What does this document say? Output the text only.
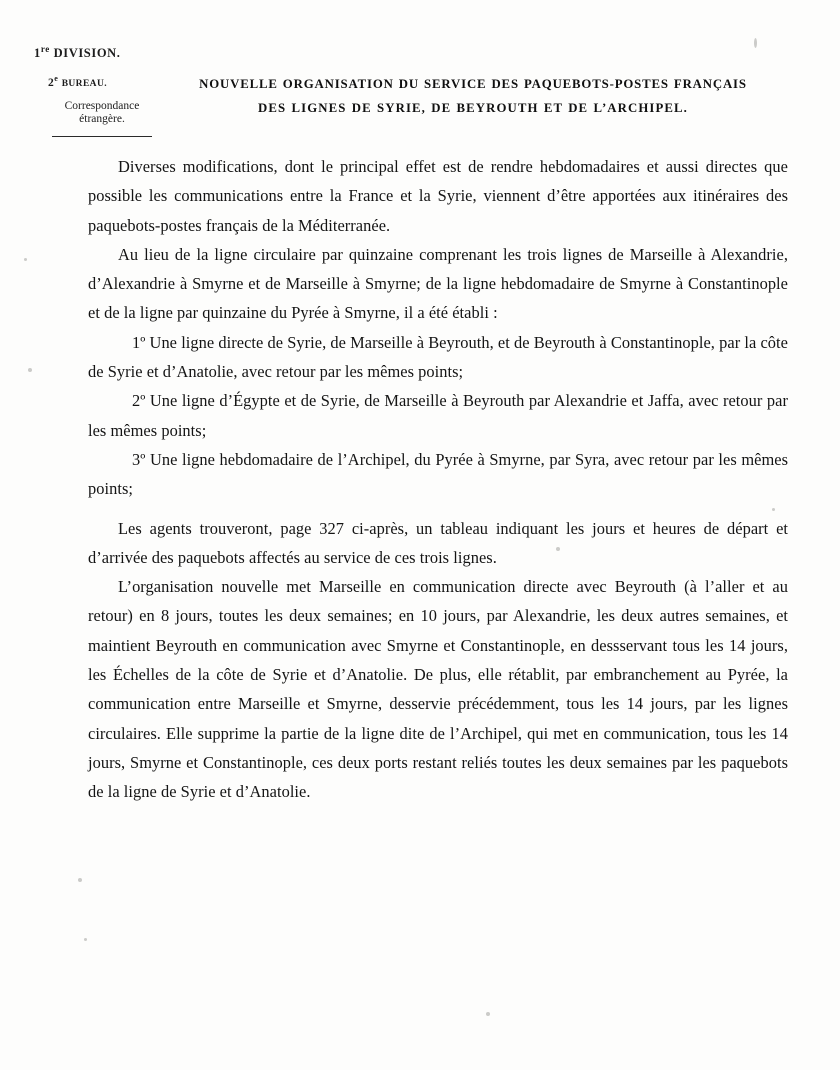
1re DIVISION.
2e BUREAU.
Correspondance
étrangère.
NOUVELLE ORGANISATION DU SERVICE DES PAQUEBOTS-POSTES FRANÇAIS
DES LIGNES DE SYRIE, DE BEYROUTH ET DE L’ARCHIPEL.

Diverses modifications, dont le principal effet est de rendre hebdomadaires et aussi directes que possible les communications entre la France et la Syrie, viennent d’être apportées aux itinéraires des paquebots-postes français de la Méditerranée.

Au lieu de la ligne circulaire par quinzaine comprenant les trois lignes de Marseille à Alexandrie, d’Alexandrie à Smyrne et de Marseille à Smyrne; de la ligne hebdomadaire de Smyrne à Constantinople et de la ligne par quinzaine du Pyrée à Smyrne, il a été établi :

1º Une ligne directe de Syrie, de Marseille à Beyrouth, et de Beyrouth à Constantinople, par la côte de Syrie et d’Anatolie, avec retour par les mêmes points;

2º Une ligne d’Égypte et de Syrie, de Marseille à Beyrouth par Alexandrie et Jaffa, avec retour par les mêmes points;

3º Une ligne hebdomadaire de l’Archipel, du Pyrée à Smyrne, par Syra, avec retour par les mêmes points;

Les agents trouveront, page 327 ci-après, un tableau indiquant les jours et heures de départ et d’arrivée des paquebots affectés au service de ces trois lignes.

L’organisation nouvelle met Marseille en communication directe avec Beyrouth (à l’aller et au retour) en 8 jours, toutes les deux semaines; en 10 jours, par Alexandrie, les deux autres semaines, et maintient Beyrouth en communication avec Smyrne et Constantinople, en dessservant tous les 14 jours, les Échelles de la côte de Syrie et d’Anatolie. De plus, elle rétablit, par embranchement au Pyrée, la communication entre Marseille et Smyrne, desservie précédemment, tous les 14 jours, par les lignes circulaires. Elle supprime la partie de la ligne dite de l’Archipel, qui met en communication, tous les 14 jours, Smyrne et Constantinople, ces deux ports restant reliés toutes les deux semaines par les paquebots de la ligne de Syrie et d’Anatolie.
